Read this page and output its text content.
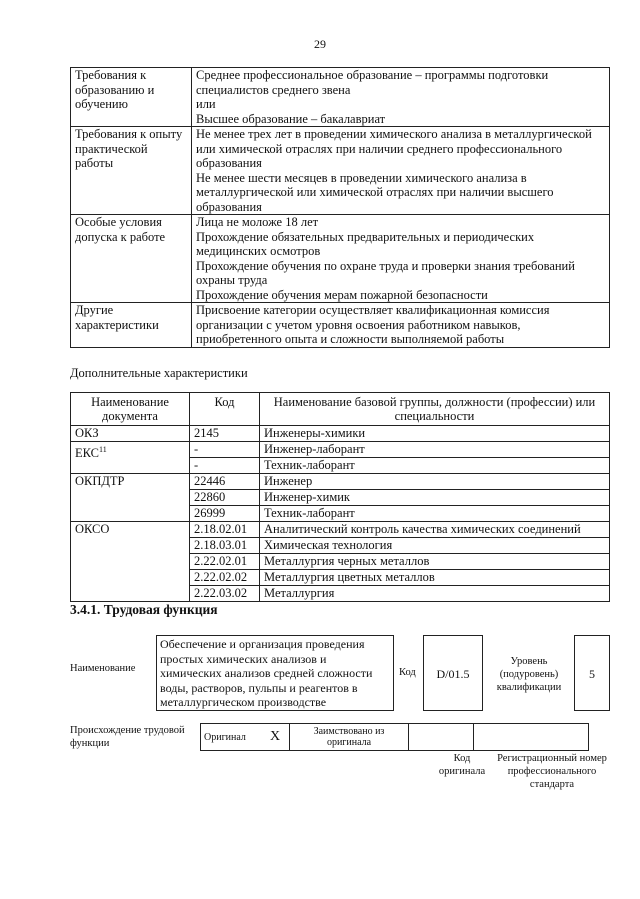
29
Требования к образованию и обучению	Среднее профессиональное образование – программы подготовки специалистов среднего звена
или
Высшее образование – бакалавриат

Требования к опыту практической работы	Не менее трех лет в проведении химического анализа в металлургической или химической отраслях при наличии среднего профессионального образования
Не менее шести месяцев в проведении химического анализа в металлургической или химической отраслях при наличии высшего образования

Особые условия допуска к работе	Лица не моложе 18 лет
Прохождение обязательных предварительных и периодических медицинских осмотров
Прохождение обучения по охране труда и проверки знания требований охраны труда
Прохождение обучения мерам пожарной безопасности

Другие характеристики	Присвоение категории осуществляет квалификационная комиссия организации с учетом уровня освоения работником навыков, приобретенного опыта и сложности выполняемой работы
Дополнительные характеристики
Наименование документа	Код	Наименование базовой группы, должности (профессии) или специальности
ОКЗ	2145	Инженеры-химики
ЕКС$^{11}$	-	Инженер-лаборант
	-	Техник-лаборант
ОКПДТР	22446	Инженер
	22860	Инженер-химик
	26999	Техник-лаборант
ОКСО	2.18.02.01	Аналитический контроль качества химических соединений
	2.18.03.01	Химическая технология
	2.22.02.01	Металлургия черных металлов
	2.22.02.02	Металлургия цветных металлов
	2.22.03.02	Металлургия
3.4.1. Трудовая функция
Наименование
Обеспечение и организация проведения простых химических анализов и химических анализов средней сложности воды, растворов, пульпы и реагентов в металлургическом производстве
Код	D/01.5
Уровень (подуровень) квалификации
5
Происхождение трудовой функции
Оригинал	X	Заимствовано из оригинала		
Код оригинала
Регистрационный номер профессионального стандарта
